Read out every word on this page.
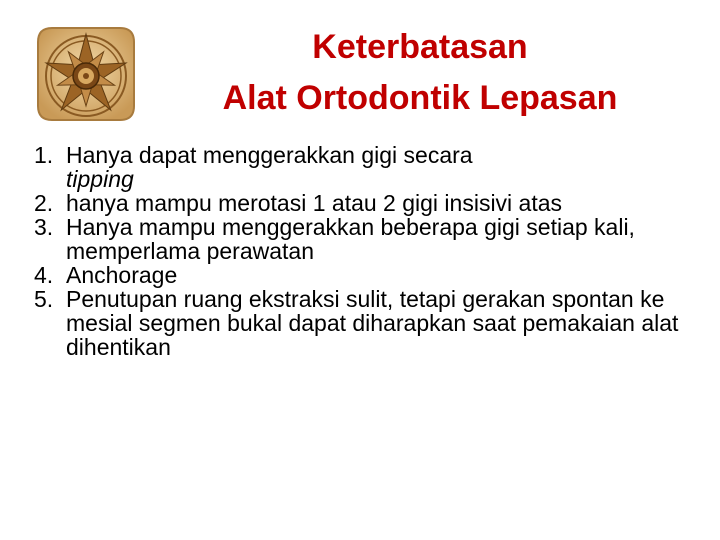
Keterbatasan
Alat Ortodontik Lepasan
1. Hanya dapat menggerakkan gigi secara
tipping
2. hanya mampu merotasi 1 atau 2 gigi insisivi atas
3. Hanya mampu menggerakkan beberapa gigi setiap kali, memperlama perawatan
4. Anchorage
5. Penutupan ruang ekstraksi sulit, tetapi gerakan spontan ke mesial segmen bukal dapat diharapkan saat pemakaian alat dihentikan
